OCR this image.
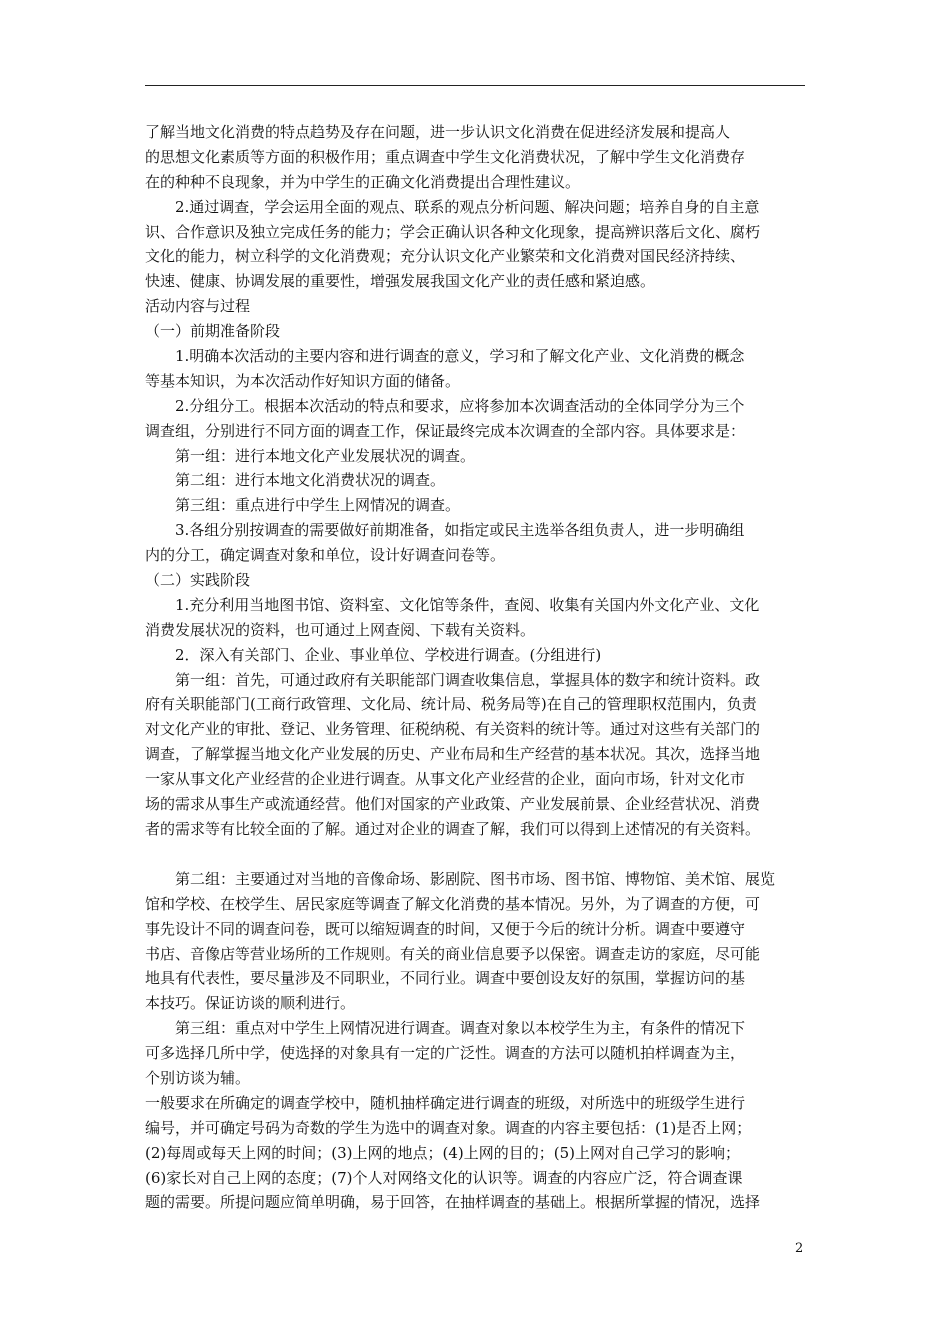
了解当地文化消费的特点趋势及存在问题，进一步认识文化消费在促进经济发展和提高人
的思想文化素质等方面的积极作用；重点调查中学生文化消费状况，了解中学生文化消费存
在的种种不良现象，并为中学生的正确文化消费提出合理性建议。
2.通过调查，学会运用全面的观点、联系的观点分析问题、解决问题；培养自身的自主意
识、合作意识及独立完成任务的能力；学会正确认识各种文化现象，提高辨识落后文化、腐朽
文化的能力，树立科学的文化消费观；充分认识文化产业繁荣和文化消费对国民经济持续、
快速、健康、协调发展的重要性，增强发展我国文化产业的责任感和紧迫感。
活动内容与过程
（一）前期准备阶段
1.明确本次活动的主要内容和进行调查的意义，学习和了解文化产业、文化消费的概念
等基本知识，为本次活动作好知识方面的储备。
2.分组分工。根据本次活动的特点和要求，应将参加本次调查活动的全体同学分为三个
调查组，分别进行不同方面的调查工作，保证最终完成本次调查的全部内容。具体要求是：
第一组：进行本地文化产业发展状况的调查。
第二组：进行本地文化消费状况的调查。
第三组：重点进行中学生上网情况的调查。
3.各组分别按调查的需要做好前期准备，如指定或民主选举各组负责人，进一步明确组
内的分工，确定调查对象和单位，设计好调查问卷等。
（二）实践阶段
1.充分利用当地图书馆、资料室、文化馆等条件，查阅、收集有关国内外文化产业、文化
消费发展状况的资料，也可通过上网查阅、下载有关资料。
2．深入有关部门、企业、事业单位、学校进行调查。(分组进行)
第一组：首先，可通过政府有关职能部门调查收集信息，掌握具体的数字和统计资料。政
府有关职能部门(工商行政管理、文化局、统计局、税务局等)在自己的管理职权范围内，负责
对文化产业的审批、登记、业务管理、征税纳税、有关资料的统计等。通过对这些有关部门的
调查，了解掌握当地文化产业发展的历史、产业布局和生产经营的基本状况。其次，选择当地
一家从事文化产业经营的企业进行调查。从事文化产业经营的企业，面向市场，针对文化市
场的需求从事生产或流通经营。他们对国家的产业政策、产业发展前景、企业经营状况、消费
者的需求等有比较全面的了解。通过对企业的调查了解，我们可以得到上述情况的有关资料。
第二组：主要通过对当地的音像命场、影剧院、图书市场、图书馆、博物馆、美术馆、展览
馆和学校、在校学生、居民家庭等调查了解文化消费的基本情况。另外，为了调查的方便，可
事先设计不同的调查问卷，既可以缩短调查的时间，又便于今后的统计分析。调查中要遵守
书店、音像店等营业场所的工作规则。有关的商业信息要予以保密。调查走访的家庭，尽可能
地具有代表性，要尽量涉及不同职业，不同行业。调查中要创设友好的氛围，掌握访问的基
本技巧。保证访谈的顺利进行。
第三组：重点对中学生上网情况进行调查。调查对象以本校学生为主，有条件的情况下
可多选择几所中学，使选择的对象具有一定的广泛性。调查的方法可以随机拍样调查为主，
个别访谈为辅。
一般要求在所确定的调查学校中，随机抽样确定进行调查的班级，对所选中的班级学生进行
编号，并可确定号码为奇数的学生为选中的调查对象。调查的内容主要包括：(1)是否上网；
(2)每周或每天上网的时间；(3)上网的地点；(4)上网的目的；(5)上网对自己学习的影响；
(6)家长对自己上网的态度；(7)个人对网络文化的认识等。调查的内容应广泛，符合调查课
题的需要。所提问题应简单明确，易于回答，在抽样调查的基础上。根据所掌握的情况，选择
2
